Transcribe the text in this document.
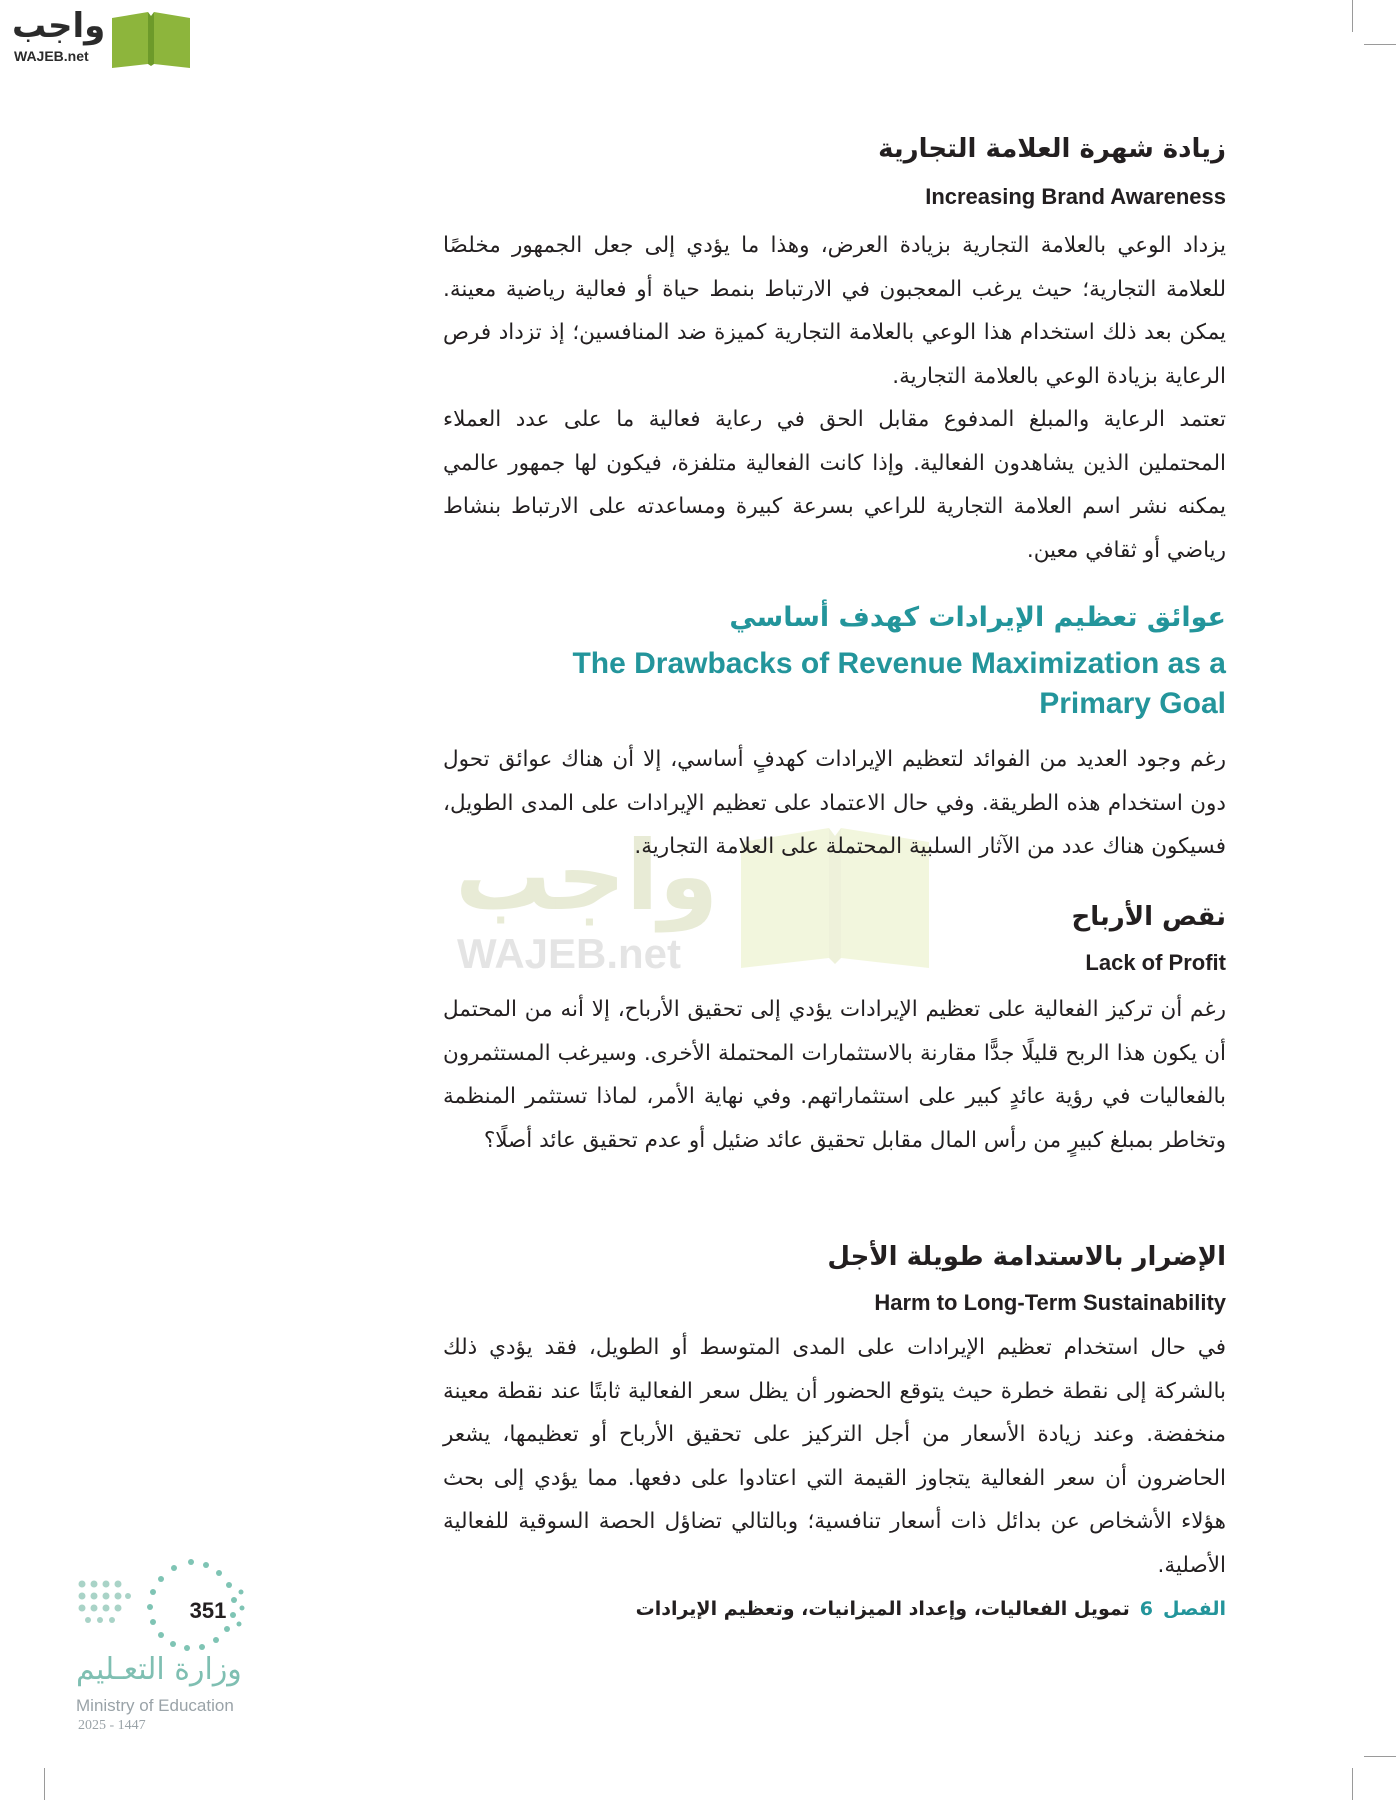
واجب
WAJEB.net
واجب
WAJEB.net
زيادة شهرة العلامة التجارية
Increasing Brand Awareness
يزداد الوعي بالعلامة التجارية بزيادة العرض، وهذا ما يؤدي إلى جعل الجمهور مخلصًا للعلامة التجارية؛ حيث يرغب المعجبون في الارتباط بنمط حياة أو فعالية رياضية معينة. يمكن بعد ذلك استخدام هذا الوعي بالعلامة التجارية كميزة ضد المنافسين؛ إذ تزداد فرص الرعاية بزيادة الوعي بالعلامة التجارية.
تعتمد الرعاية والمبلغ المدفوع مقابل الحق في رعاية فعالية ما على عدد العملاء المحتملين الذين يشاهدون الفعالية. وإذا كانت الفعالية متلفزة، فيكون لها جمهور عالمي يمكنه نشر اسم العلامة التجارية للراعي بسرعة كبيرة ومساعدته على الارتباط بنشاط رياضي أو ثقافي معين.
عوائق تعظيم الإيرادات كهدف أساسي
The Drawbacks of Revenue Maximization as a Primary Goal
رغم وجود العديد من الفوائد لتعظيم الإيرادات كهدفٍ أساسي، إلا أن هناك عوائق تحول دون استخدام هذه الطريقة. وفي حال الاعتماد على تعظيم الإيرادات على المدى الطويل، فسيكون هناك عدد من الآثار السلبية المحتملة على العلامة التجارية.
نقص الأرباح
Lack of Profit
رغم أن تركيز الفعالية على تعظيم الإيرادات يؤدي إلى تحقيق الأرباح، إلا أنه من المحتمل أن يكون هذا الربح قليلًا جدًّا مقارنة بالاستثمارات المحتملة الأخرى. وسيرغب المستثمرون بالفعاليات في رؤية عائدٍ كبير على استثماراتهم. وفي نهاية الأمر، لماذا تستثمر المنظمة وتخاطر بمبلغ كبيرٍ من رأس المال مقابل تحقيق عائد ضئيل أو عدم تحقيق عائد أصلًا؟
الإضرار بالاستدامة طويلة الأجل
Harm to Long-Term Sustainability
في حال استخدام تعظيم الإيرادات على المدى المتوسط أو الطويل، فقد يؤدي ذلك بالشركة إلى نقطة خطرة حيث يتوقع الحضور أن يظل سعر الفعالية ثابتًا عند نقطة معينة منخفضة. وعند زيادة الأسعار من أجل التركيز على تحقيق الأرباح أو تعظيمها، يشعر الحاضرون أن سعر الفعالية يتجاوز القيمة التي اعتادوا على دفعها. مما يؤدي إلى بحث هؤلاء الأشخاص عن بدائل ذات أسعار تنافسية؛ وبالتالي تضاؤل الحصة السوقية للفعالية الأصلية.
الفصل6تمويل الفعاليات، وإعداد الميزانيات، وتعظيم الإيرادات
351
وزارة التعـليم
Ministry of Education
2025 - 1447
